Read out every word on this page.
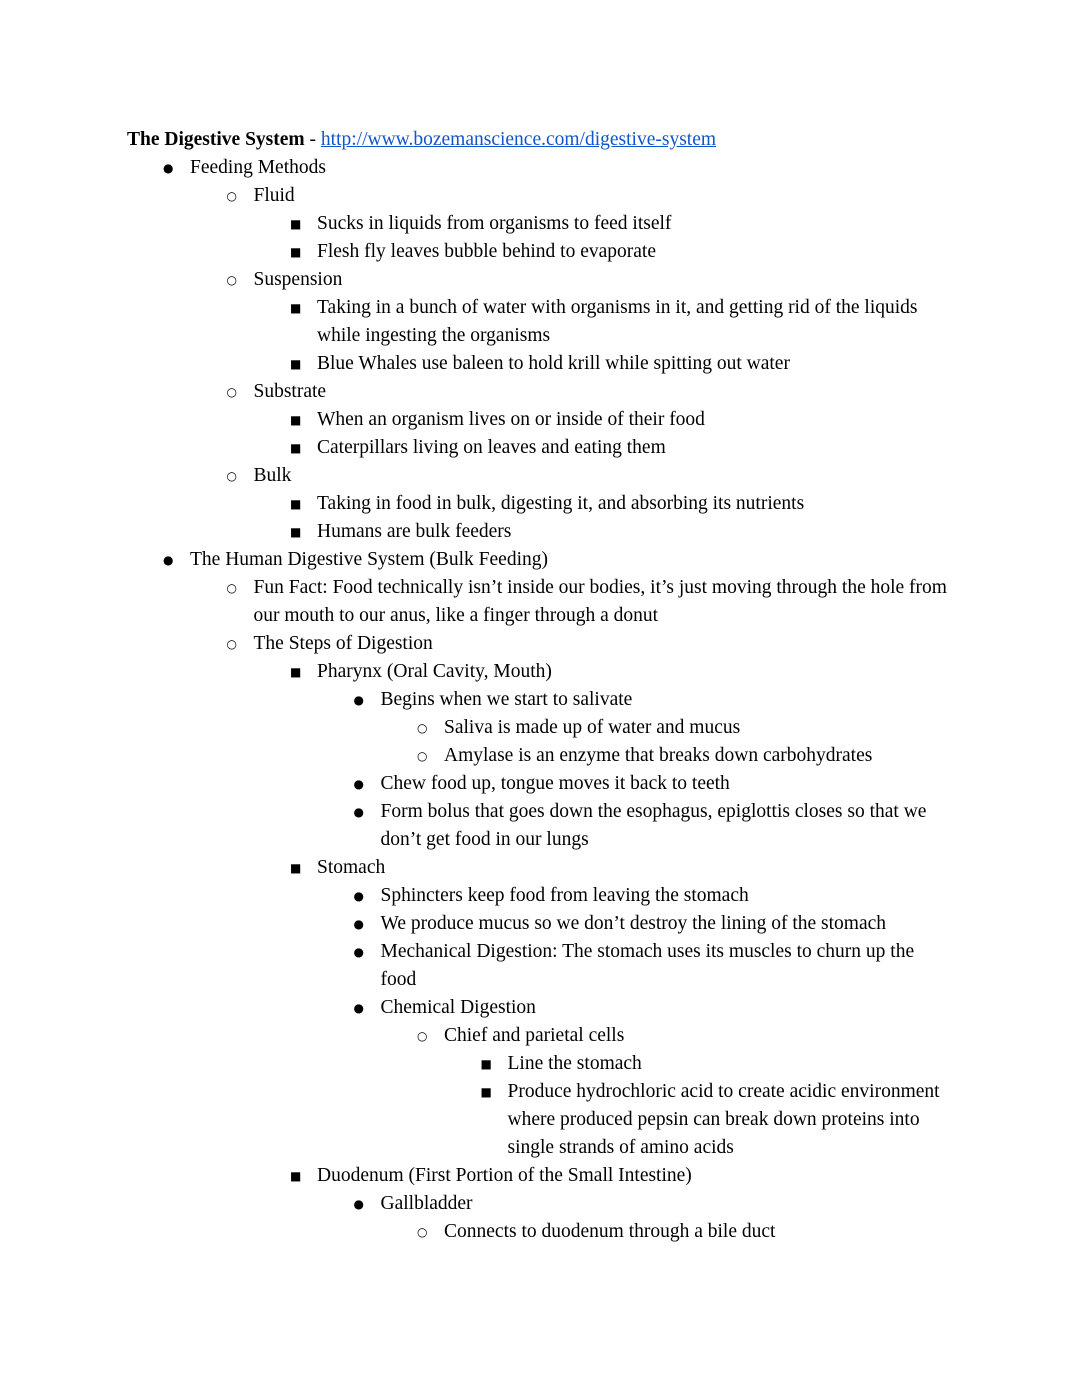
The Digestive System - http://www.bozemanscience.com/digestive-system
● Feeding Methods
○ Fluid
■ Sucks in liquids from organisms to feed itself
■ Flesh fly leaves bubble behind to evaporate
○ Suspension
■ Taking in a bunch of water with organisms in it, and getting rid of the liquids while ingesting the organisms
■ Blue Whales use baleen to hold krill while spitting out water
○ Substrate
■ When an organism lives on or inside of their food
■ Caterpillars living on leaves and eating them
○ Bulk
■ Taking in food in bulk, digesting it, and absorbing its nutrients
■ Humans are bulk feeders
● The Human Digestive System (Bulk Feeding)
○ Fun Fact: Food technically isn’t inside our bodies, it’s just moving through the hole from our mouth to our anus, like a finger through a donut
○ The Steps of Digestion
■ Pharynx (Oral Cavity, Mouth)
● Begins when we start to salivate
○ Saliva is made up of water and mucus
○ Amylase is an enzyme that breaks down carbohydrates
● Chew food up, tongue moves it back to teeth
● Form bolus that goes down the esophagus, epiglottis closes so that we don’t get food in our lungs
■ Stomach
● Sphincters keep food from leaving the stomach
● We produce mucus so we don’t destroy the lining of the stomach
● Mechanical Digestion: The stomach uses its muscles to churn up the food
● Chemical Digestion
○ Chief and parietal cells
■ Line the stomach
■ Produce hydrochloric acid to create acidic environment where produced pepsin can break down proteins into single strands of amino acids
■ Duodenum (First Portion of the Small Intestine)
● Gallbladder
○ Connects to duodenum through a bile duct
